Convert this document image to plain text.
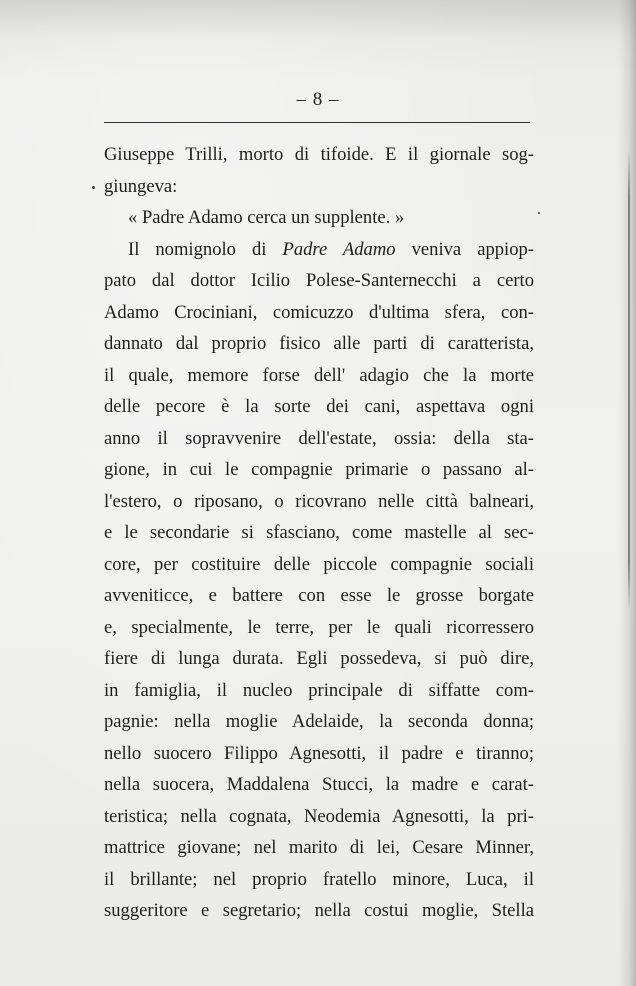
– 8 –
Giuseppe Trilli, morto di tifoide. E il giornale sog-
giungeva:
« Padre Adamo cerca un supplente. »
Il nomignolo di Padre Adamo veniva appiop-
pato dal dottor Icilio Polese-Santernecchi a certo
Adamo Crociniani, comicuzzo d'ultima sfera, con-
dannato dal proprio fisico alle parti di caratterista,
il quale, memore forse dell' adagio che la morte
delle pecore è la sorte dei cani, aspettava ogni
anno il sopravvenire dell'estate, ossia: della sta-
gione, in cui le compagnie primarie o passano al-
l'estero, o riposano, o ricovrano nelle città balneari,
e le secondarie si sfasciano, come mastelle al sec-
core, per costituire delle piccole compagnie sociali
avveniticce, e battere con esse le grosse borgate
e, specialmente, le terre, per le quali ricorressero
fiere di lunga durata. Egli possedeva, si può dire,
in famiglia, il nucleo principale di siffatte com-
pagnie: nella moglie Adelaide, la seconda donna;
nello suocero Filippo Agnesotti, il padre e tiranno;
nella suocera, Maddalena Stucci, la madre e carat-
teristica; nella cognata, Neodemia Agnesotti, la pri-
mattrice giovane; nel marito di lei, Cesare Minner,
il brillante; nel proprio fratello minore, Luca, il
suggeritore e segretario; nella costui moglie, Stella
